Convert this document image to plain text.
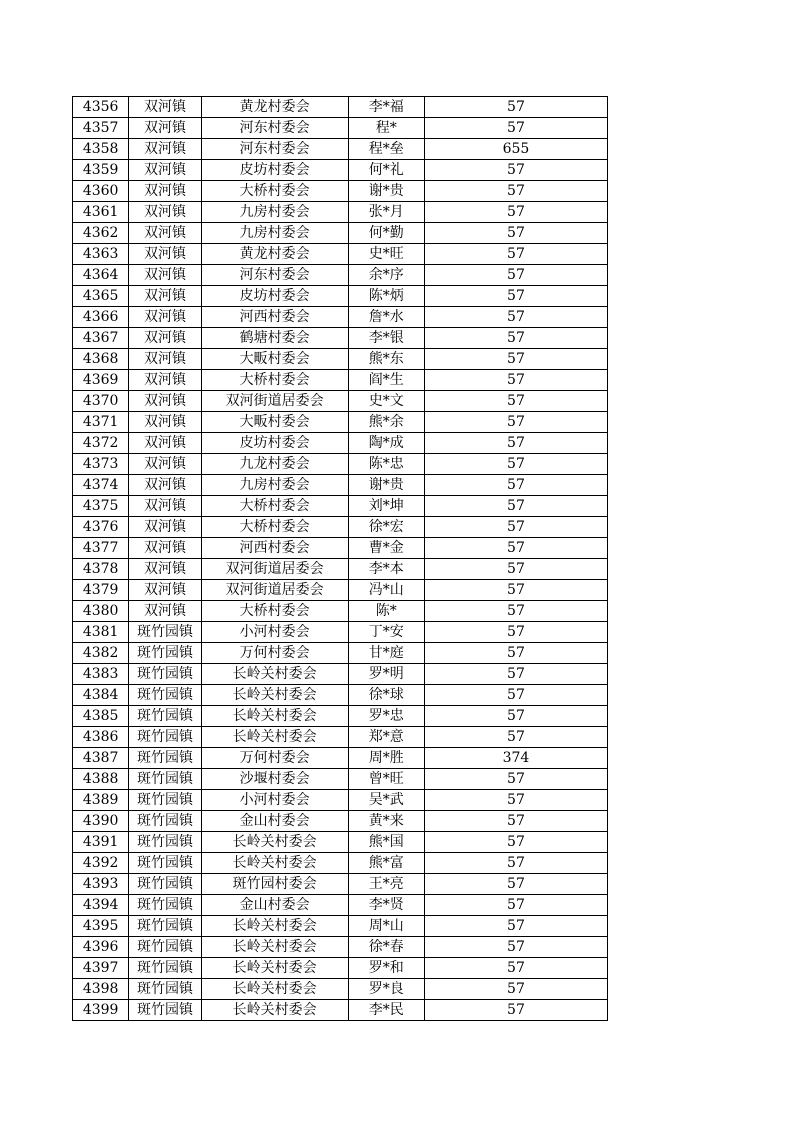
4356	双河镇	黄龙村委会	李*福	57
4357	双河镇	河东村委会	程*	57
4358	双河镇	河东村委会	程*垒	655
4359	双河镇	皮坊村委会	何*礼	57
4360	双河镇	大桥村委会	谢*贵	57
4361	双河镇	九房村委会	张*月	57
4362	双河镇	九房村委会	何*勤	57
4363	双河镇	黄龙村委会	史*旺	57
4364	双河镇	河东村委会	余*序	57
4365	双河镇	皮坊村委会	陈*炳	57
4366	双河镇	河西村委会	詹*水	57
4367	双河镇	鹤塘村委会	李*银	57
4368	双河镇	大畈村委会	熊*东	57
4369	双河镇	大桥村委会	阎*生	57
4370	双河镇	双河街道居委会	史*文	57
4371	双河镇	大畈村委会	熊*余	57
4372	双河镇	皮坊村委会	陶*成	57
4373	双河镇	九龙村委会	陈*忠	57
4374	双河镇	九房村委会	谢*贵	57
4375	双河镇	大桥村委会	刘*坤	57
4376	双河镇	大桥村委会	徐*宏	57
4377	双河镇	河西村委会	曹*金	57
4378	双河镇	双河街道居委会	李*本	57
4379	双河镇	双河街道居委会	冯*山	57
4380	双河镇	大桥村委会	陈*	57
4381	斑竹园镇	小河村委会	丁*安	57
4382	斑竹园镇	万何村委会	甘*庭	57
4383	斑竹园镇	长岭关村委会	罗*明	57
4384	斑竹园镇	长岭关村委会	徐*球	57
4385	斑竹园镇	长岭关村委会	罗*忠	57
4386	斑竹园镇	长岭关村委会	郑*意	57
4387	斑竹园镇	万何村委会	周*胜	374
4388	斑竹园镇	沙堰村委会	曾*旺	57
4389	斑竹园镇	小河村委会	吴*武	57
4390	斑竹园镇	金山村委会	黄*来	57
4391	斑竹园镇	长岭关村委会	熊*国	57
4392	斑竹园镇	长岭关村委会	熊*富	57
4393	斑竹园镇	斑竹园村委会	王*亮	57
4394	斑竹园镇	金山村委会	李*贤	57
4395	斑竹园镇	长岭关村委会	周*山	57
4396	斑竹园镇	长岭关村委会	徐*春	57
4397	斑竹园镇	长岭关村委会	罗*和	57
4398	斑竹园镇	长岭关村委会	罗*良	57
4399	斑竹园镇	长岭关村委会	李*民	57
